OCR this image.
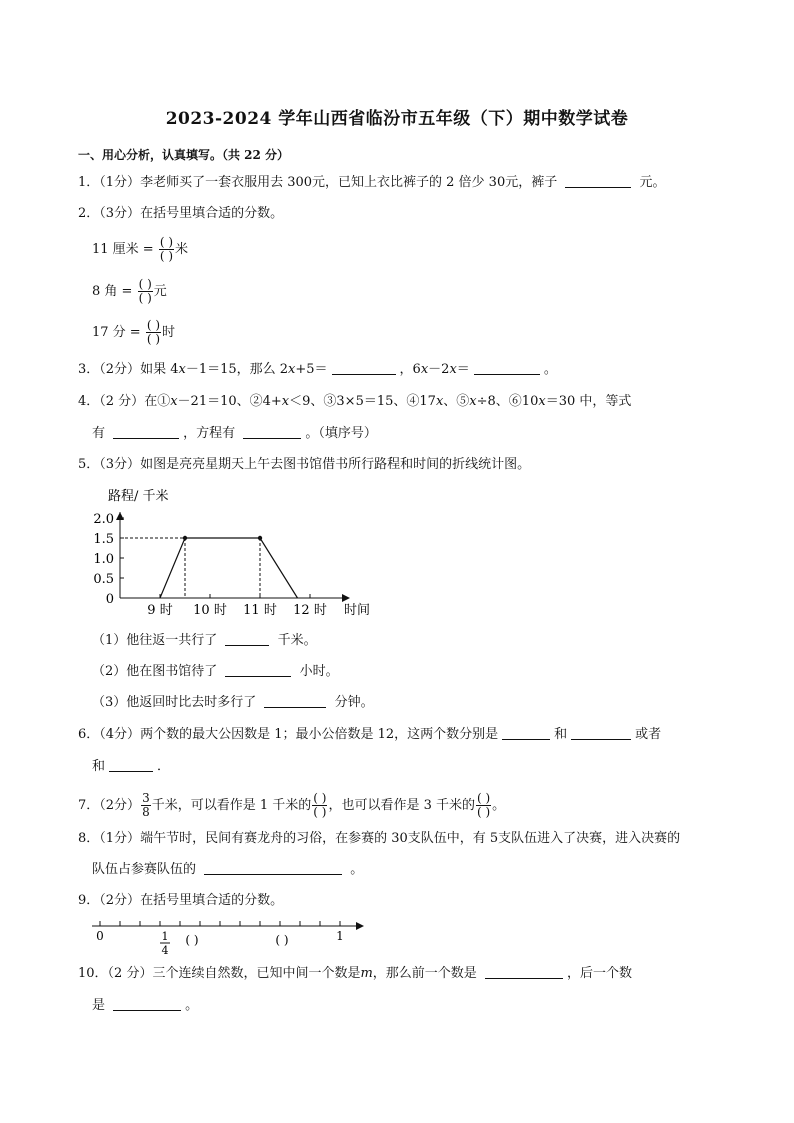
2023-2024 学年山西省临汾市五年级（下）期中数学试卷
一、用心分析，认真填写。（共 22 分）
1．（1分）李老师买了一套衣服用去 300元，已知上衣比裤子的 2 倍少 30元，裤子	元。
2．（3分）在括号里填合适的分数。
11 厘米 = $\frac{( )}{( )}$ 米
8 角 = $\frac{( )}{( )}$ 元
17 分 = $\frac{( )}{( )}$ 时
3．（2分）如果 4x－1＝15，那么 2x+5＝	，6x－2x＝	。
4．（2 分）在①x－21＝10、②4+x＜9、③3×5＝15、④17x、⑤x÷8、⑥10x＝30 中，等式
有	，方程有	。（填序号）
5．（3分）如图是亮亮星期天上午去图书馆借书所行路程和时间的折线统计图。
路程/ 千米
2.0
1.5
1.0
0.5
0
9 时 10 时 11 时 12 时 时间
（1）他往返一共行了	千米。
（2）他在图书馆待了	小时。
（3）他返回时比去时多行了	分钟。
6．（4分）两个数的最大公因数是 1；最小公倍数是 12，这两个数分别是	和	或者
和	．
7．（2分） $\frac{3}{8}$ 千米，可以看作是 1 千米的 $\frac{( )}{( )}$ ，也可以看作是 3 千米的 $\frac{( )}{( )}$ 。
8．（1分）端午节时，民间有赛龙舟的习俗，在参赛的 30支队伍中，有 5支队伍进入了决赛，进入决赛的
队伍占参赛队伍的	。
9．（2分）在括号里填合适的分数。
0	1
1
4
( )	( )
10．（2 分）三个连续自然数，已知中间一个数是m，那么前一个数是	，后一个数
是	。
